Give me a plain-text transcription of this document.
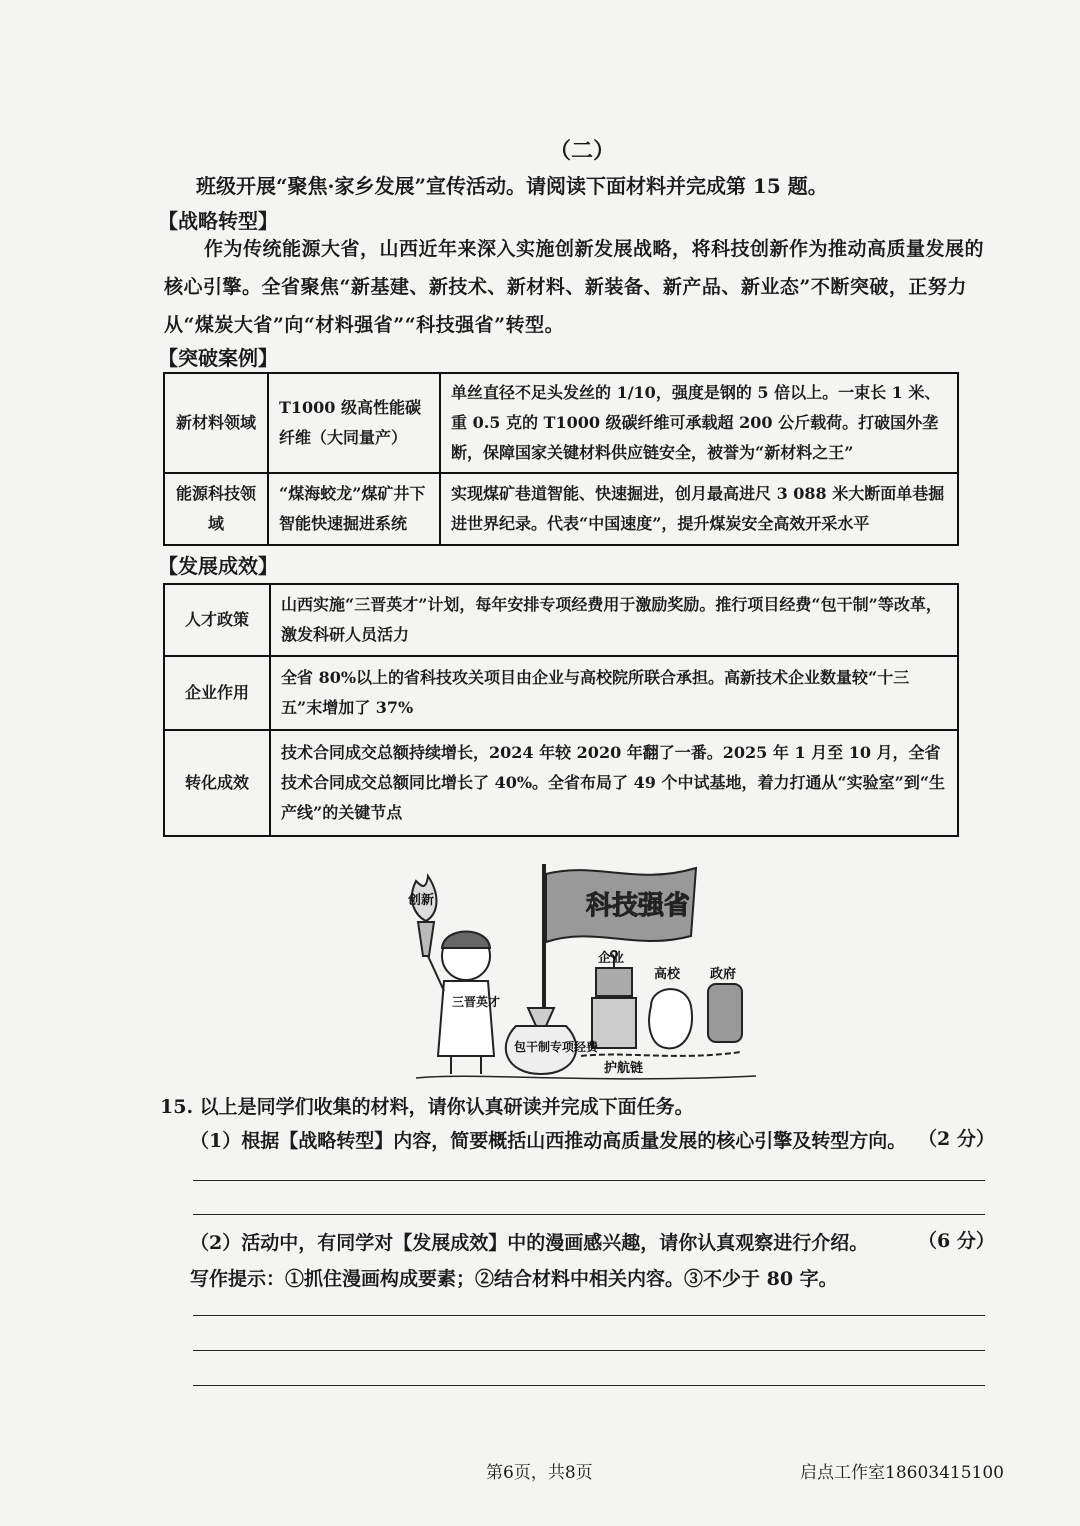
（二）
班级开展“聚焦·家乡发展”宣传活动。请阅读下面材料并完成第 15 题。
【战略转型】
作为传统能源大省，山西近年来深入实施创新发展战略，将科技创新作为推动高质量发展的核心引擎。全省聚焦“新基建、新技术、新材料、新装备、新产品、新业态”不断突破，正努力从“煤炭大省”向“材料强省”“科技强省”转型。
【突破案例】
新材料领域	T1000 级高性能碳纤维（大同量产）	单丝直径不足头发丝的 1/10，强度是钢的 5 倍以上。一束长 1 米、重 0.5 克的 T1000 级碳纤维可承载超 200 公斤载荷。打破国外垄断，保障国家关键材料供应链安全，被誉为“新材料之王”
能源科技领域	“煤海蛟龙”煤矿井下智能快速掘进系统	实现煤矿巷道智能、快速掘进，创月最高进尺 3 088 米大断面单巷掘进世界纪录。代表“中国速度”，提升煤炭安全高效开采水平
【发展成效】
人才政策	山西实施“三晋英才”计划，每年安排专项经费用于激励奖励。推行项目经费“包干制”等改革，激发科研人员活力
企业作用	全省 80%以上的省科技攻关项目由企业与高校院所联合承担。高新技术企业数量较“十三五”末增加了 37%
转化成效	技术合同成交总额持续增长，2024 年较 2020 年翻了一番。2025 年 1 月至 10 月，全省技术合同成交总额同比增长了 40%。全省布局了 49 个中试基地，着力打通从“实验室”到“生产线”的关键节点
科技强省
创新
三晋英才
包干制专项经费
企业
高校 政府
护航链
15. 以上是同学们收集的材料，请你认真研读并完成下面任务。
（1）根据【战略转型】内容，简要概括山西推动高质量发展的核心引擎及转型方向。 （2 分）
（2）活动中，有同学对【发展成效】中的漫画感兴趣，请你认真观察进行介绍。	（6 分）
写作提示：①抓住漫画构成要素；②结合材料中相关内容。③不少于 80 字。
第6页，共8页	启点工作室18603415100
